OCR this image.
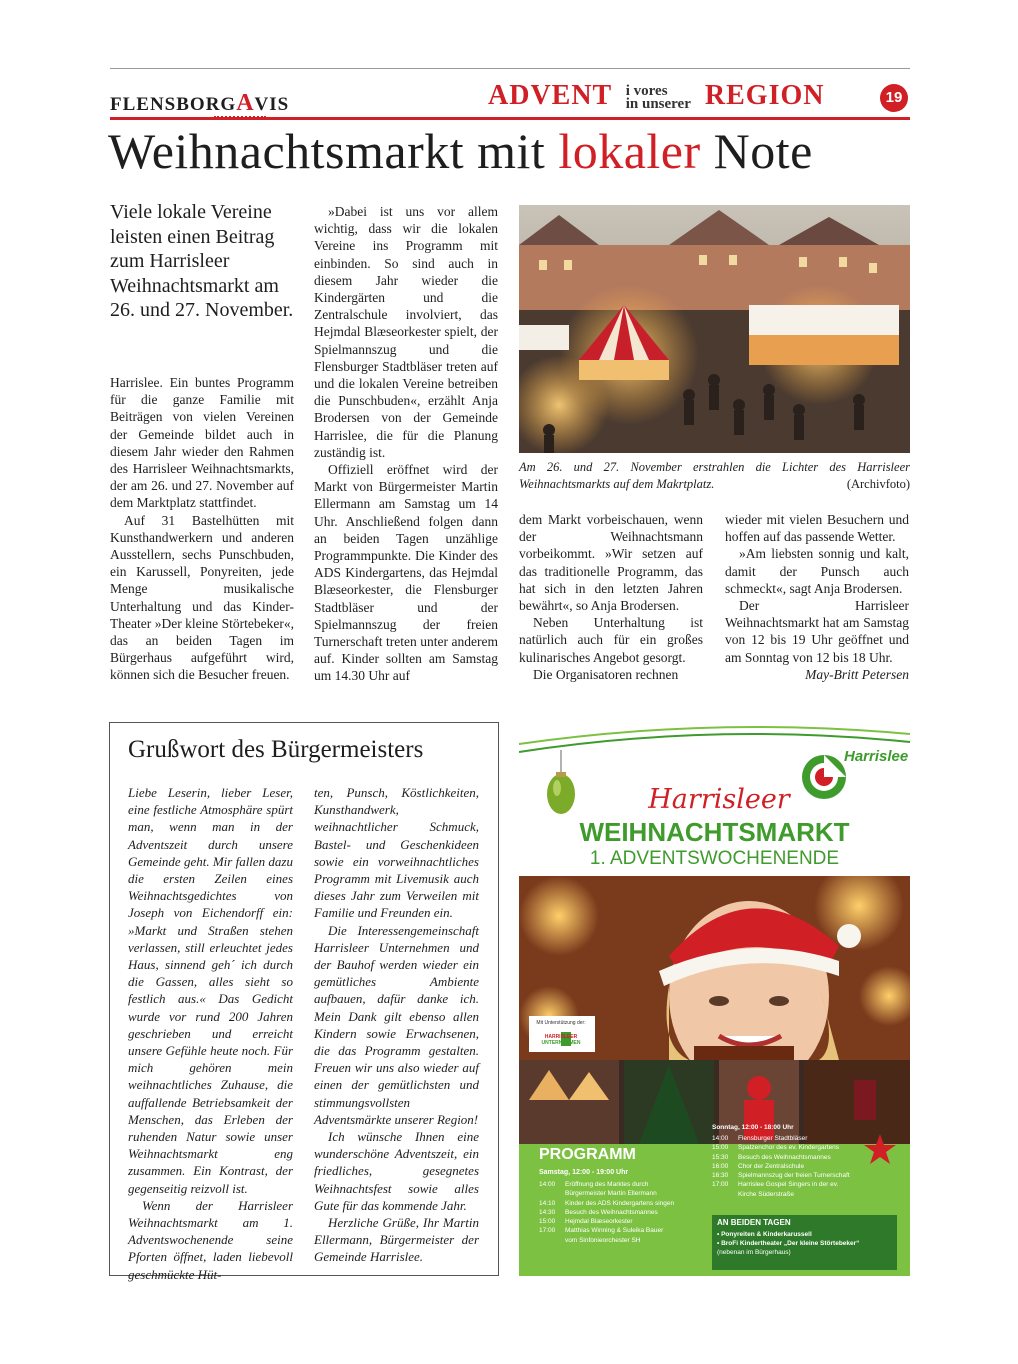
FLENSBORGAVIS	ADVENT i vores
in unserer REGION	19
Weihnachtsmarkt mit lokaler Note
Viele lokale Vereine leisten einen Beitrag zum Harrisleer Weihnachtsmarkt am 26. und 27. November.

Harrislee. Ein buntes Programm für die ganze Familie mit Beiträgen von vielen Vereinen der Gemeinde bildet auch in diesem Jahr wieder den Rahmen des Harrisleer Weihnachtsmarkts, der am 26. und 27. November auf dem Marktplatz stattfindet.

Auf 31 Bastelhütten mit Kunsthandwerkern und anderen Ausstellern, sechs Punschbuden, ein Karussell, Ponyreiten, jede Menge musikalische Unterhaltung und das Kinder-Theater »Der kleine Störtebeker«, das an beiden Tagen im Bürgerhaus aufgeführt wird, können sich die Besucher freuen.

»Dabei ist uns vor allem wichtig, dass wir die lokalen Vereine ins Programm mit einbinden. So sind auch in diesem Jahr wieder die Kindergärten und die Zentralschule involviert, das Hejmdal Blæseorkester spielt, der Spielmannszug und die Flensburger Stadtbläser treten auf und die lokalen Vereine betreiben die Punschbuden«, erzählt Anja Brodersen von der Gemeinde Harrislee, die für die Planung zuständig ist.

Offiziell eröffnet wird der Markt von Bürgermeister Martin Ellermann am Samstag um 14 Uhr. Anschließend folgen dann an beiden Tagen unzählige Programmpunkte. Die Kinder des ADS Kindergartens, das Hejmdal Blæseorkester, die Flensburger Stadtbläser und der Spielmannszug der freien Turnerschaft treten unter anderem auf. Kinder sollten am Samstag um 14.30 Uhr auf

dem Markt vorbeischauen, wenn der Weihnachtsmann vorbeikommt. »Wir setzen auf das traditionelle Programm, das hat sich in den letzten Jahren bewährt«, so Anja Brodersen.

Neben Unterhaltung ist natürlich auch für ein großes kulinarisches Angebot gesorgt.

Die Organisatoren rechnen

wieder mit vielen Besuchern und hoffen auf das passende Wetter.

»Am liebsten sonnig und kalt, damit der Punsch auch schmeckt«, sagt Anja Brodersen.

Der Harrisleer Weihnachtsmarkt hat am Samstag von 12 bis 19 Uhr geöffnet und am Sonntag von 12 bis 18 Uhr.

May-Britt Petersen

Am 26. und 27. November erstrahlen die Lichter des Harrisleer Weihnachtsmarkts auf dem Makrtplatz.	(Archivfoto)
Grußwort des Bürgermeisters

Liebe Leserin, lieber Leser, eine festliche Atmosphäre spürt man, wenn man in der Adventszeit durch unsere Gemeinde geht. Mir fallen dazu die ersten Zeilen eines Weihnachtsgedichtes von Joseph von Eichendorff ein: »Markt und Straßen stehen verlassen, still erleuchtet jedes Haus, sinnend geh´ ich durch die Gassen, alles sieht so festlich aus.« Das Gedicht wurde vor rund 200 Jahren geschrieben und erreicht unsere Gefühle heute noch. Für mich gehören mein weihnachtliches Zuhause, die auffallende Betriebsamkeit der Menschen, das Erleben der ruhenden Natur sowie unser Weihnachtsmarkt eng zusammen. Ein Kontrast, der gegenseitig reizvoll ist.

Wenn der Harrisleer Weihnachtsmarkt am 1. Adventswochenende seine Pforten öffnet, laden liebevoll geschmückte Hüt-

ten, Punsch, Köstlichkeiten, Kunsthandwerk, weihnachtlicher Schmuck, Bastel- und Geschenkideen sowie ein vorweihnachtliches Programm mit Livemusik auch dieses Jahr zum Verweilen mit Familie und Freunden ein.

Die Interessengemeinschaft Harrisleer Unternehmen und der Bauhof werden wieder ein gemütliches Ambiente aufbauen, dafür danke ich. Mein Dank gilt ebenso allen Kindern sowie Erwachsenen, die das Programm gestalten. Freuen wir uns also wieder auf einen der gemütlichsten und stimmungsvollsten Adventsmärkte unserer Region!

Ich wünsche Ihnen eine wunderschöne Adventszeit, ein friedliches, gesegnetes Weihnachtsfest sowie alles Gute für das kommende Jahr.

Herzliche Grüße, Ihr Martin Ellermann, Bürgermeister der Gemeinde Harrislee.

Harrislee
Harrisleer
WEIHNACHTSMARKT
1. ADVENTSWOCHENENDE
Mit Unterstützung der:
HARRISLEER
UNTERNEHMEN
PROGRAMM
Samstag, 12:00 - 19:00 Uhr
14:00	Eröffnung des Marktes durch
Bürgermeister Martin Ellermann
14:10	Kinder des ADS Kindergartens singen
14:30	Besuch des Weihnachtsmannes
15:00	Hejmdal Blæseorkester
17:00	Matthias Winning & Suleika Bauer
vom Sinfonieorchester SH
Sonntag, 12:00 - 18:00 Uhr
14:00	Flensburger Stadtbläser
15:00	Spatzenchor des ev. Kindergartens
15:30	Besuch des Weihnachtsmannes
16:00	Chor der Zentralschule
16:30	Spielmannszug der freien Turnerschaft
17:00	Harrislee Gospel Singers in der ev.
Kirche Süderstraße
AN BEIDEN TAGEN
• Ponyreiten & Kinderkarussell
• BroFi Kindertheater „Der kleine Störtebeker“
(nebenan im Bürgerhaus)
